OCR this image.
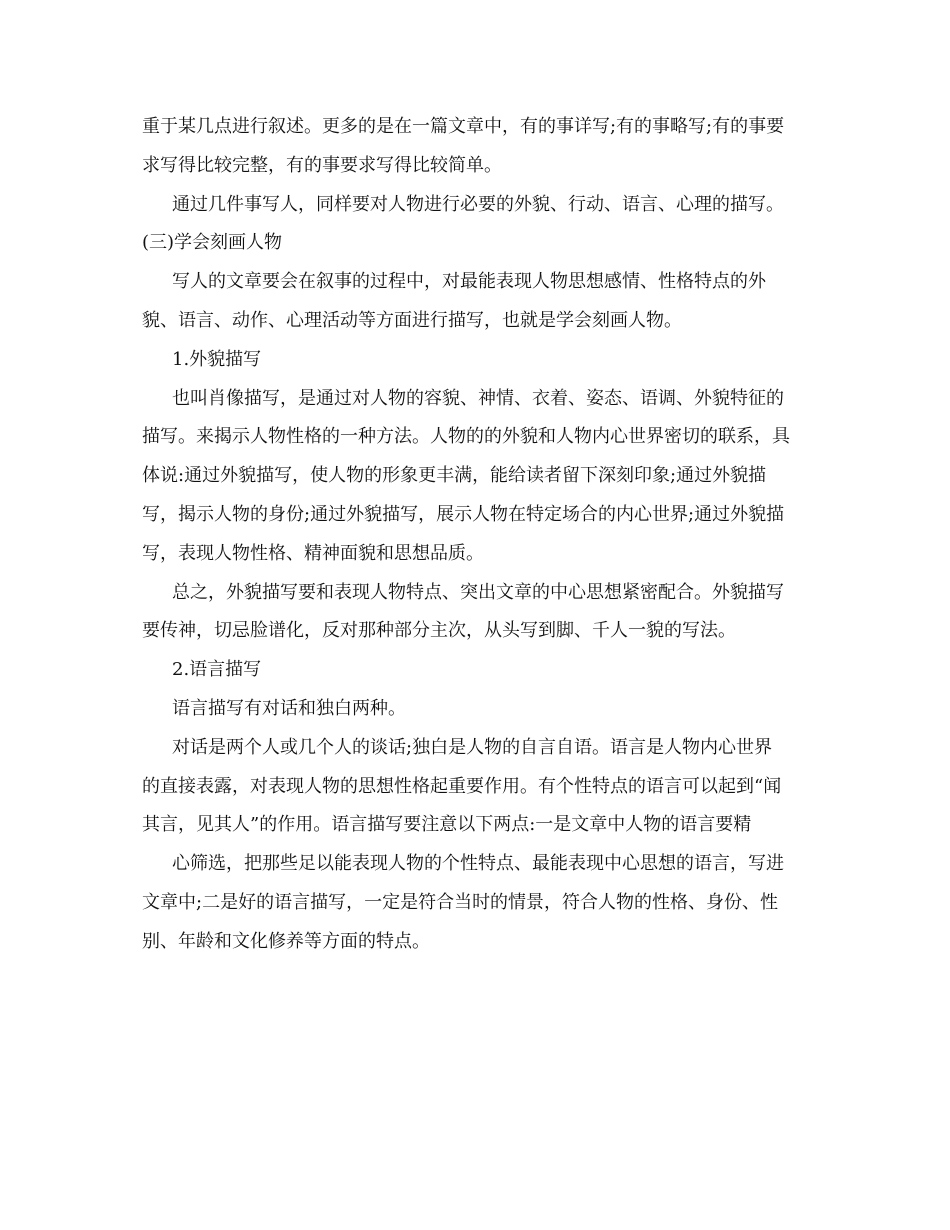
重于某几点进行叙述。更多的是在一篇文章中，有的事详写;有的事略写;有的事要
求写得比较完整，有的事要求写得比较简单。
通过几件事写人，同样要对人物进行必要的外貌、行动、语言、心理的描写。
(三)学会刻画人物
写人的文章要会在叙事的过程中，对最能表现人物思想感情、性格特点的外
貌、语言、动作、心理活动等方面进行描写，也就是学会刻画人物。
1.外貌描写
也叫肖像描写，是通过对人物的容貌、神情、衣着、姿态、语调、外貌特征的
描写。来揭示人物性格的一种方法。人物的的外貌和人物内心世界密切的联系，具
体说:通过外貌描写，使人物的形象更丰满，能给读者留下深刻印象;通过外貌描
写，揭示人物的身份;通过外貌描写，展示人物在特定场合的内心世界;通过外貌描
写，表现人物性格、精神面貌和思想品质。
总之，外貌描写要和表现人物特点、突出文章的中心思想紧密配合。外貌描写
要传神，切忌脸谱化，反对那种部分主次，从头写到脚、千人一貌的写法。
2.语言描写
语言描写有对话和独白两种。
对话是两个人或几个人的谈话;独白是人物的自言自语。语言是人物内心世界
的直接表露，对表现人物的思想性格起重要作用。有个性特点的语言可以起到“闻
其言，见其人”的作用。语言描写要注意以下两点:一是文章中人物的语言要精
心筛选，把那些足以能表现人物的个性特点、最能表现中心思想的语言，写进
文章中;二是好的语言描写，一定是符合当时的情景，符合人物的性格、身份、性
别、年龄和文化修养等方面的特点。
